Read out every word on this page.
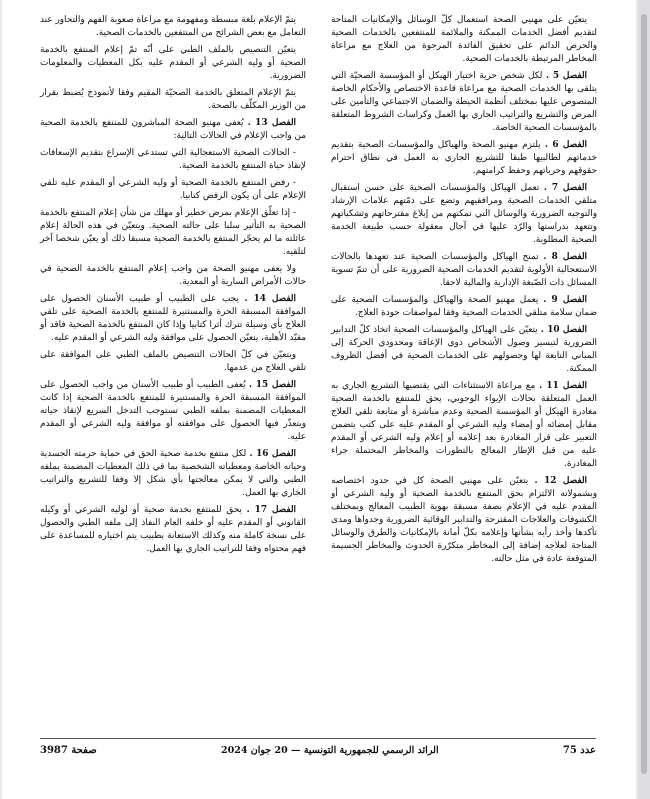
يتعيّن على مهنيي الصحة استعمال كلّ الوسائل والإمكانيات المتاحة لتقديم أفضل الخدمات الممكنة والملائمة للمنتفعين بالخدمات الصحية والحرص الدائم على تحقيق الفائدة المرجوة من العلاج مع مراعاة المخاطر المرتبطة بالخدمات الصحية.

الفصل 5 . لكل شخص حرية اختيار الهيكل أو المؤسسة الصحيّة التي يتلقى بها الخدمات الصحية مع مراعاة قاعدة الاختصاص والأحكام الخاصة المنصوص عليها بمختلف أنظمة الحيطة والضمان الاجتماعي والتأمين على المرض والتشريع والتراتيب الجاري بها العمل وكراسات الشروط المتعلقة بالمؤسسات الصحية الخاصة.

الفصل 6 . يلتزم مهنيو الصحة والهياكل والمؤسسات الصحية بتقديم خدماتهم لطالبيها طبقا للتشريع الجاري به العمل في نطاق احترام حقوقهم وحرياتهم وحفظ كرامتهم.

الفصل 7 . تعمل الهياكل والمؤسسات الصحية على حسن استقبال متلقي الخدمات الصحية ومرافقيهم وتضع على ذمّتهم علامات الإرشاد والتوجيه الضرورية والوسائل التي تمكنهم من إبلاغ مقترحاتهم وتشكياتهم وتتعهد بدراستها والرّد عليها في آجال معقولة حسب طبيعة الخدمة الصحية المطلوبة.

الفصل 8 . تمنح الهياكل والمؤسسات الصحية عند تعهدها بالحالات الاستعجالية الأولوية لتقديم الخدمات الصحية الضرورية على أن تتمّ تسوية المسائل ذات الصّبغة الإدارية والمالية لاحقا.

الفصل 9 . يعمل مهنيو الصحة والهياكل والمؤسسات الصحية على ضمان سلامة متلقي الخدمات الصحية وفقا لمواصفات جودة العلاج.

الفصل 10 . يتعيّن على الهياكل والمؤسسات الصحية اتخاذ كلّ التدابير الضرورية لتيسير وصول الأشخاص ذوي الإعاقة ومحدودي الحركة إلى المباني التابعة لها وحصولهم على الخدمات الصحية في أفضل الظروف الممكنة.

الفصل 11 . مع مراعاة الاستثناءات التي يقتضيها التشريع الجاري به العمل المتعلقة بحالات الإيواء الوجوبي، يحق للمنتفع بالخدمة الصحية مغادرة الهيكل أو المؤسسة الصحية وعدم مباشرة أو متابعة تلقي العلاج مقابل إمضائه أو إمضاء وليه الشرعي أو المقدم عليه على كتب يتضمن التعبير على قرار المغادرة بعد إعلامه أو إعلام وليه الشرعي أو المقدم عليه من قبل الإطار المعالج بالتطورات والمخاطر المحتملة جراء المغادرة.

الفصل 12 . يتعيّن على مهنيي الصحة كل في حدود اختصاصه وبشمولاته الالتزام بحق المنتفع بالخدمة الصحية أو وليه الشرعي أو المقدم عليه في الإعلام بصفة مسبقة بهوية الطبيب المعالج وبمختلف الكشوفات والعلاجات المقترحة والتدابير الوقائية الضرورية وجدواها ومدى تأكدها وأخذ رأيه بشأنها وإعلامه بكلّ أمانة بالإمكانيات والطرق والوسائل المتاحة لعلاجه إضافة إلى المخاطر متكرّرة الحدوث والمخاطر الجسيمة المتوقعة عادة في مثل حالته.

يتمّ الإعلام بلغة مبسطة ومفهومة مع مراعاة صعوبة الفهم والتحاور عند التعامل مع بعض الشرائح من المنتفعين بالخدمات الصحية.

يتعيّن التنصيص بالملف الطبي على أنّه تمّ إعلام المنتفع بالخدمة الصحية أو وليه الشرعي أو المقدم عليه بكل المعطيات والمعلومات الضرورية.

يتمّ الإعلام المتعلق بالخدمة الصحيّة المقيم وفقا لأنموذج يُضبط بقرار من الوزير المكلّف بالصحة.

الفصل 13 . يُعفى مهنيو الصحة المباشرون للمنتفع بالخدمة الصحية من واجب الإعلام في الحالات التالية:

- الحالات الصحية الاستعجالية التي تستدعي الإسراع بتقديم الإسعافات لإنقاذ حياة المنتفع بالخدمة الصحية.

- رفض المنتفع بالخدمة الصحية أو وليه الشرعي أو المقدم عليه تلقي الإعلام على أن يكون الرفض كتابيا.

- إذا تعلّق الإعلام بمرض خطير أو مهلك من شأن إعلام المنتفع بالخدمة الصحية به التأثير سلبا على حالته الصحية. ويتعيّن في هذه الحالة إعلام عائلته ما لم يحجّر المنتفع بالخدمة الصحية مسبقا ذلك أو يعيّن شخصا آخر لتلقيه.

ولا يعفى مهنيو الصحة من واجب إعلام المنتفع بالخدمة الصحية في حالات الأمراض السارية أو المعدية.

الفصل 14 . يجب على الطبيب أو طبيب الأسنان الحصول على الموافقة المسبقة الحرة والمستنيرة للمنتفع بالخدمة الصحية على تلقي العلاج بأي وسيلة تترك أثرا كتابيا وإذا كان المنتفع بالخدمة الصحية فاقد أو مقيّد الأهلية، يتعيّن الحصول على موافقة وليه الشرعي أو المقدم عليه.

ويتعيّن في كلّ الحالات التنصيص بالملف الطبي على الموافقة على تلقي العلاج من عدمها.

الفصل 15 . يُعفى الطبيب أو طبيب الأسنان من واجب الحصول على الموافقة المسبقة الحرة والمستنيرة للمنتفع بالخدمة الصحية إذا كانت المعطيات المضمنة بملفه الطبي تستوجب التدخل السريع لإنقاذ حياته ويتعذّر فيها الحصول على موافقته أو موافقة وليه الشرعي أو المقدم عليه.

الفصل 16 . لكل منتفع بخدمة صحية الحق في حماية حرمته الجسدية وحياته الخاصة ومعطياته الشخصية بما في ذلك المعطيات المضمنة بملفه الطبي والتي لا يمكن معالجتها بأي شكل إلا وفقا للتشريع والتراتيب الجاري بها العمل.

الفصل 17 . يحق للمنتفع بخدمة صحية أو لوليه الشرعي أو وكيله القانوني أو المقدم عليه أو خلفه العام النفاذ إلى ملفه الطبي والحصول على نسخة كاملة منه وكذلك الاستعانة بطبيب يتم اختياره للمساعدة على فهم محتواه وفقا للتراتيب الجاري بها العمل.

صفحة 3987	الرائد الرسمي للجمهورية التونسية — 20 جوان 2024	عدد 75
